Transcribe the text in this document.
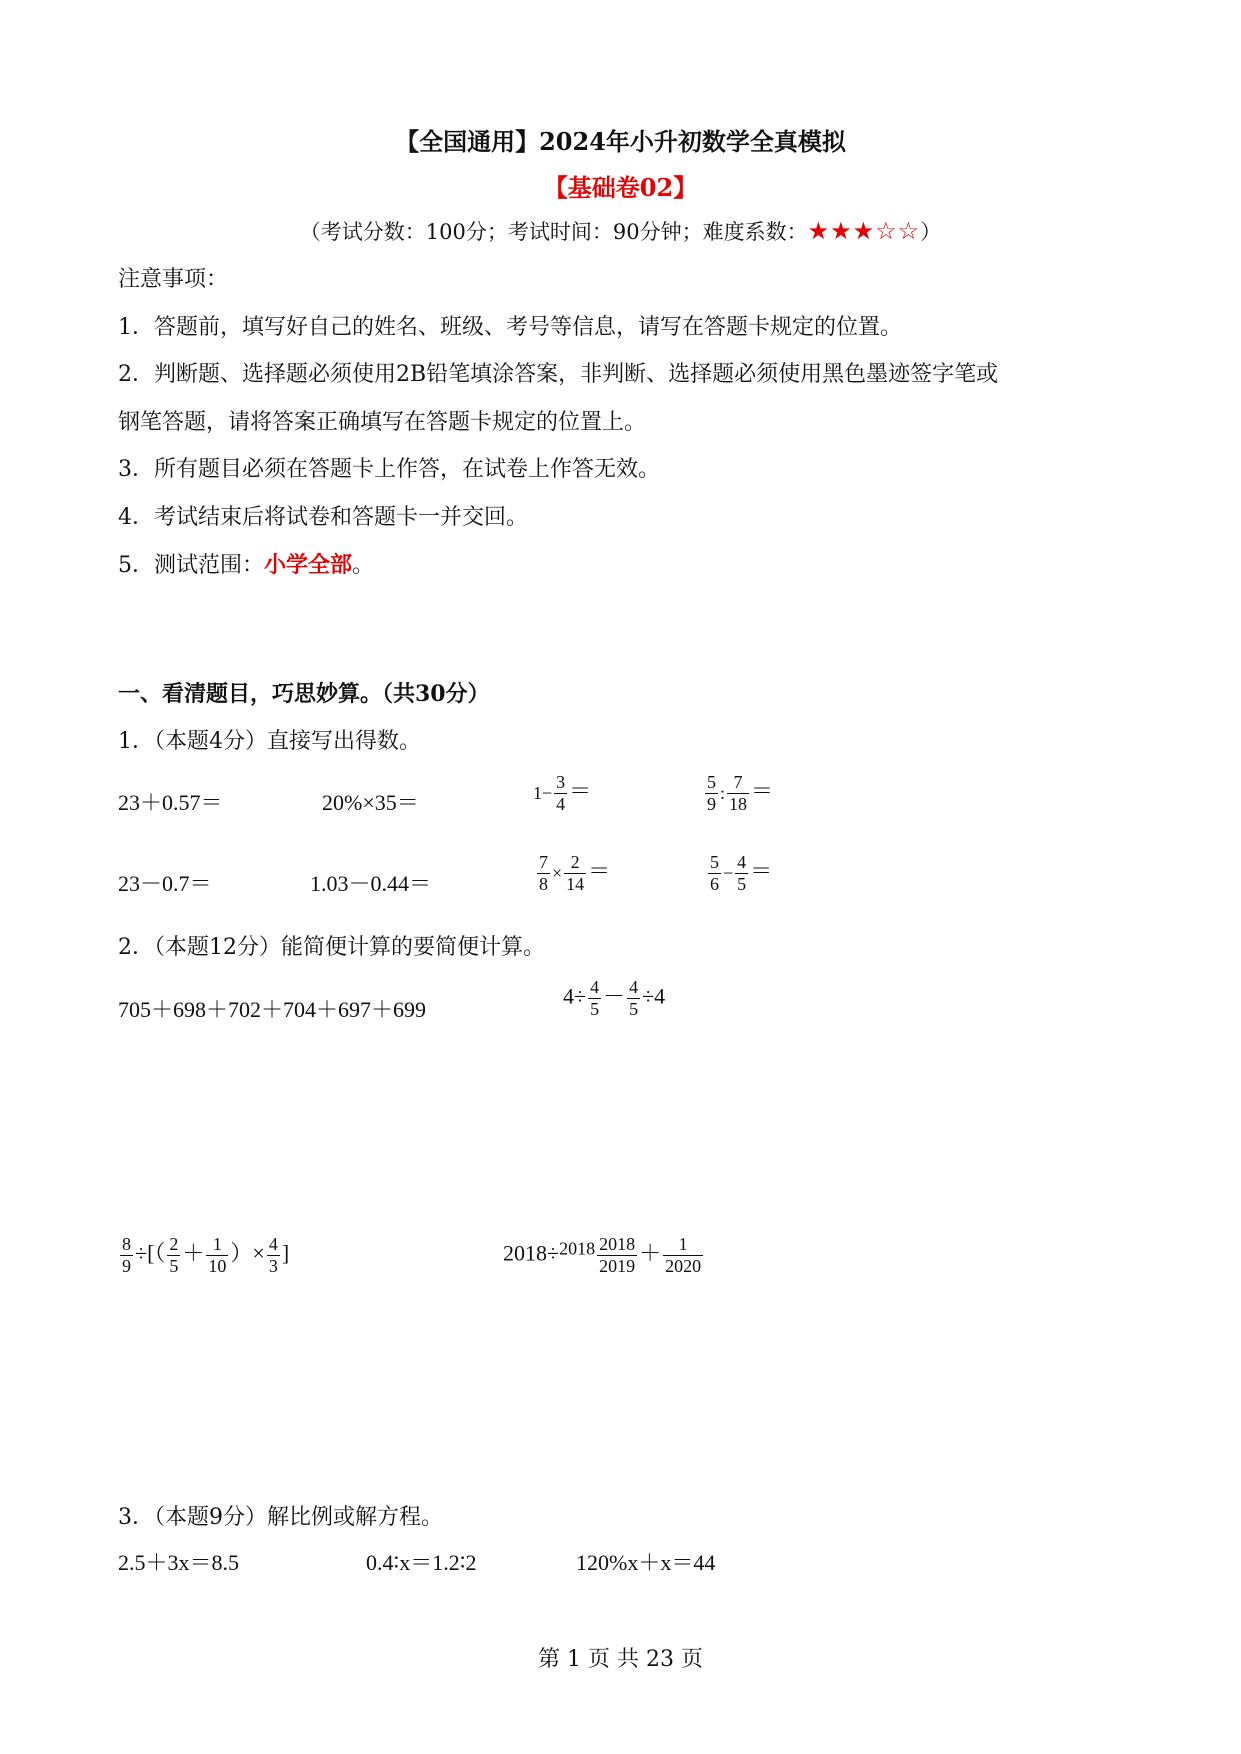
【全国通用】2024年小升初数学全真模拟
【基础卷02】
（考试分数：100分；考试时间：90分钟；难度系数：★★★☆☆）
注意事项：
1．答题前，填写好自己的姓名、班级、考号等信息，请写在答题卡规定的位置。
2．判断题、选择题必须使用2B铅笔填涂答案，非判断、选择题必须使用黑色墨迹签字笔或
钢笔答题，请将答案正确填写在答题卡规定的位置上。
3．所有题目必须在答题卡上作答，在试卷上作答无效。
4．考试结束后将试卷和答题卡一并交回。
5．测试范围：小学全部。
一、看清题目，巧思妙算。（共30分）
1．（本题4分）直接写出得数。
23＋0.57＝	20%×35＝	$1- \frac{3}{4}$ ＝	$\frac{5}{9}$ : $\frac{7}{18}$ ＝
23－0.7＝	1.03－0.44＝	$\frac{7}{8} \times \frac{2}{14}$ ＝	$\frac{5}{6} - \frac{4}{5}$ ＝
2．（本题12分）能简便计算的要简便计算。
705＋698＋702＋704＋697＋699
$4\div \frac{4}{5} - \frac{4}{5} \div 4$
$\frac{8}{9}$ ÷[（ $\frac{2}{5} + \frac{1}{10}$ ）× $\frac{4}{3}$ ]	$2018\div^{2018} \frac{2018}{2019} + \frac{1}{2020}$
3．（本题9分）解比例或解方程。
2.5＋3x＝8.5	0.4∶x＝1.2∶2	120%x＋x＝44
第 1 页 共 23 页
